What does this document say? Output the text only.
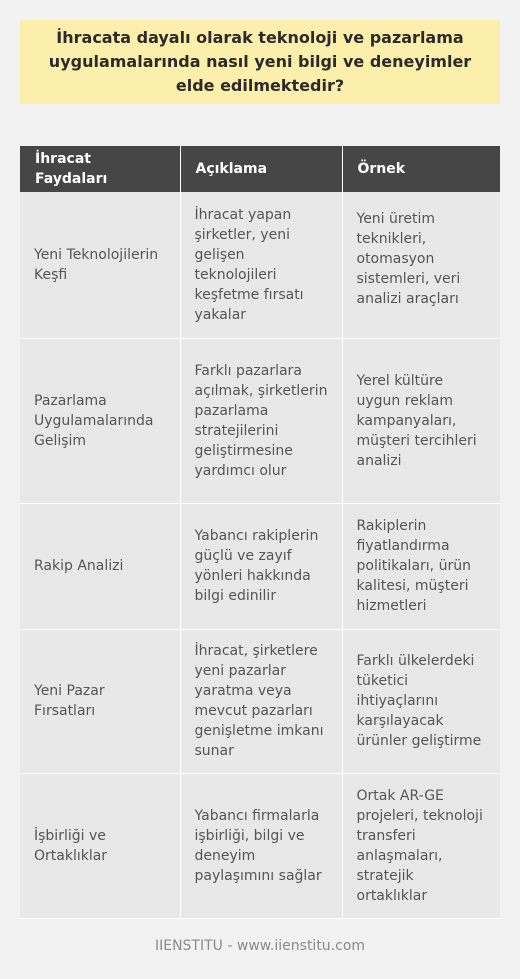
İhracata dayalı olarak teknoloji ve pazarlama uygulamalarında nasıl yeni bilgi ve deneyimler elde edilmektedir?
İhracat Faydaları	Açıklama	Örnek
Yeni Teknolojilerin Keşfi	İhracat yapan şirketler, yeni gelişen teknolojileri keşfetme fırsatı yakalar	Yeni üretim teknikleri, otomasyon sistemleri, veri analizi araçları
Pazarlama Uygulamalarında Gelişim	Farklı pazarlara açılmak, şirketlerin pazarlama stratejilerini geliştirmesine yardımcı olur	Yerel kültüre uygun reklam kampanyaları, müşteri tercihleri analizi
Rakip Analizi	Yabancı rakiplerin güçlü ve zayıf yönleri hakkında bilgi edinilir	Rakiplerin fiyatlandırma politikaları, ürün kalitesi, müşteri hizmetleri
Yeni Pazar Fırsatları	İhracat, şirketlere yeni pazarlar yaratma veya mevcut pazarları genişletme imkanı sunar	Farklı ülkelerdeki tüketici ihtiyaçlarını karşılayacak ürünler geliştirme
İşbirliği ve Ortaklıklar	Yabancı firmalarla işbirliği, bilgi ve deneyim paylaşımını sağlar	Ortak AR-GE projeleri, teknoloji transferi anlaşmaları, stratejik ortaklıklar
IIENSTITU - www.iienstitu.com
